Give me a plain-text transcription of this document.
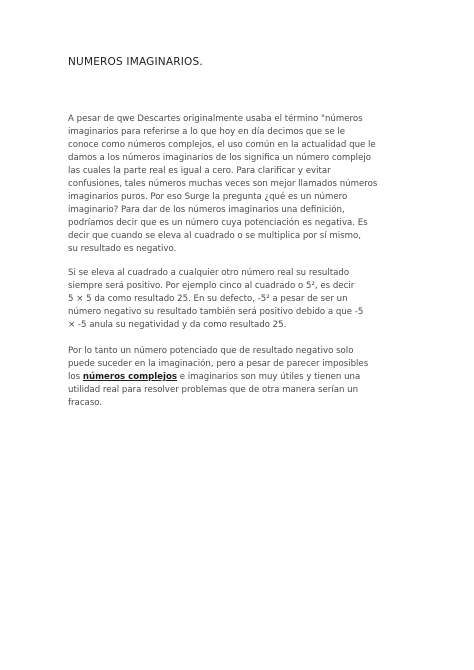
NUMEROS IMAGINARIOS.
A pesar de qwe Descartes originalmente usaba el término "números
imaginarios para referirse a lo que hoy en día decimos que se le
conoce como números complejos, el uso común en la actualidad que le
damos a los números imaginarios de los significa un número complejo
las cuales la parte real es igual a cero. Para clarificar y evitar
confusiones, tales números muchas veces son mejor llamados números
imaginarios puros. Por eso Surge la pregunta ¿qué es un número
imaginario? Para dar de los números imaginarios una definición,
podríamos decir que es un número cuya potenciación es negativa. Es
decir que cuando se eleva al cuadrado o se multiplica por sí mismo,
su resultado es negativo.
Si se eleva al cuadrado a cualquier otro número real su resultado
siempre será positivo. Por ejemplo cinco al cuadrado o 5², es decir
5 × 5 da como resultado 25. En su defecto, -5² a pesar de ser un
número negativo su resultado también será positivo debido a que -5
× -5 anula su negatividad y da como resultado 25.
Por lo tanto un número potenciado que de resultado negativo solo
puede suceder en la imaginación, pero a pesar de parecer imposibles
los números complejos e imaginarios son muy útiles y tienen una
utilidad real para resolver problemas que de otra manera serían un
fracaso.
